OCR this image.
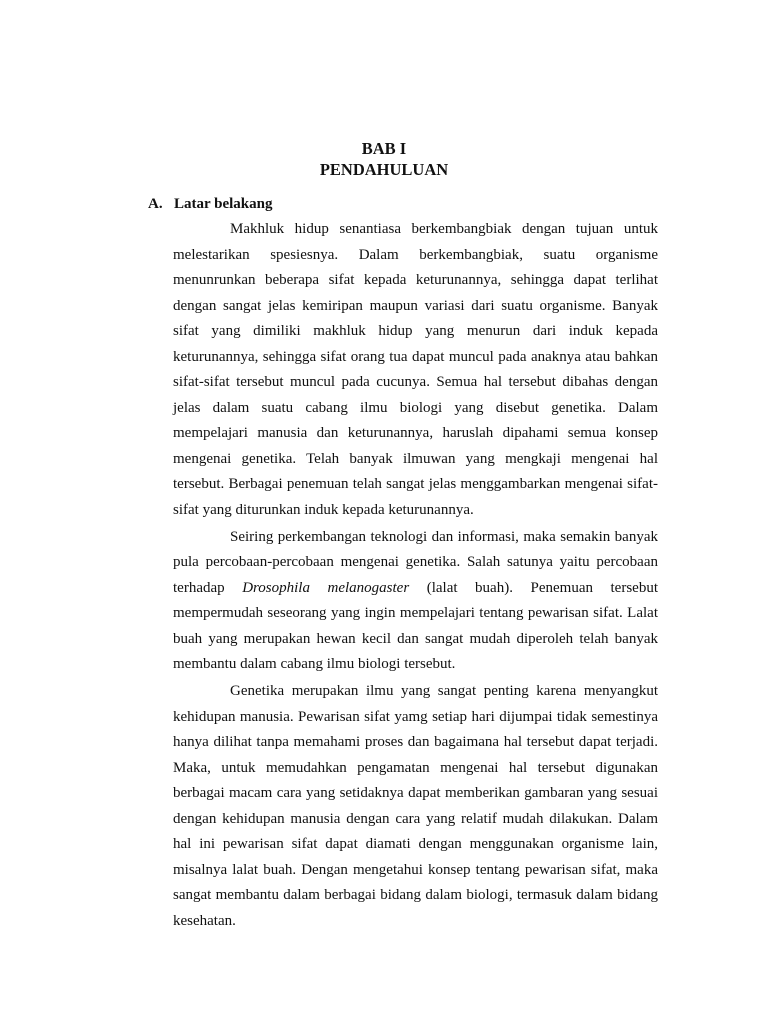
BAB I
PENDAHULUAN
A. Latar belakang

Makhluk hidup senantiasa berkembangbiak dengan tujuan untuk melestarikan spesiesnya. Dalam berkembangbiak, suatu organisme menunrunkan beberapa sifat kepada keturunannya, sehingga dapat terlihat dengan sangat jelas kemiripan maupun variasi dari suatu organisme. Banyak sifat yang dimiliki makhluk hidup yang menurun dari induk kepada keturunannya, sehingga sifat orang tua dapat muncul pada anaknya atau bahkan sifat-sifat tersebut muncul pada cucunya. Semua hal tersebut dibahas dengan jelas dalam suatu cabang ilmu biologi yang disebut genetika. Dalam mempelajari manusia dan keturunannya, haruslah dipahami semua konsep mengenai genetika. Telah banyak ilmuwan yang mengkaji mengenai hal tersebut. Berbagai penemuan telah sangat jelas menggambarkan mengenai sifat-sifat yang diturunkan induk kepada keturunannya.

Seiring perkembangan teknologi dan informasi, maka semakin banyak pula percobaan-percobaan mengenai genetika. Salah satunya yaitu percobaan terhadap Drosophila melanogaster (lalat buah). Penemuan tersebut mempermudah seseorang yang ingin mempelajari tentang pewarisan sifat. Lalat buah yang merupakan hewan kecil dan sangat mudah diperoleh telah banyak membantu dalam cabang ilmu biologi tersebut.

Genetika merupakan ilmu yang sangat penting karena menyangkut kehidupan manusia. Pewarisan sifat yamg setiap hari dijumpai tidak semestinya hanya dilihat tanpa memahami proses dan bagaimana hal tersebut dapat terjadi. Maka, untuk memudahkan pengamatan mengenai hal tersebut digunakan berbagai macam cara yang setidaknya dapat memberikan gambaran yang sesuai dengan kehidupan manusia dengan cara yang relatif mudah dilakukan. Dalam hal ini pewarisan sifat dapat diamati dengan menggunakan organisme lain, misalnya lalat buah. Dengan mengetahui konsep tentang pewarisan sifat, maka sangat membantu dalam berbagai bidang dalam biologi, termasuk dalam bidang kesehatan.
